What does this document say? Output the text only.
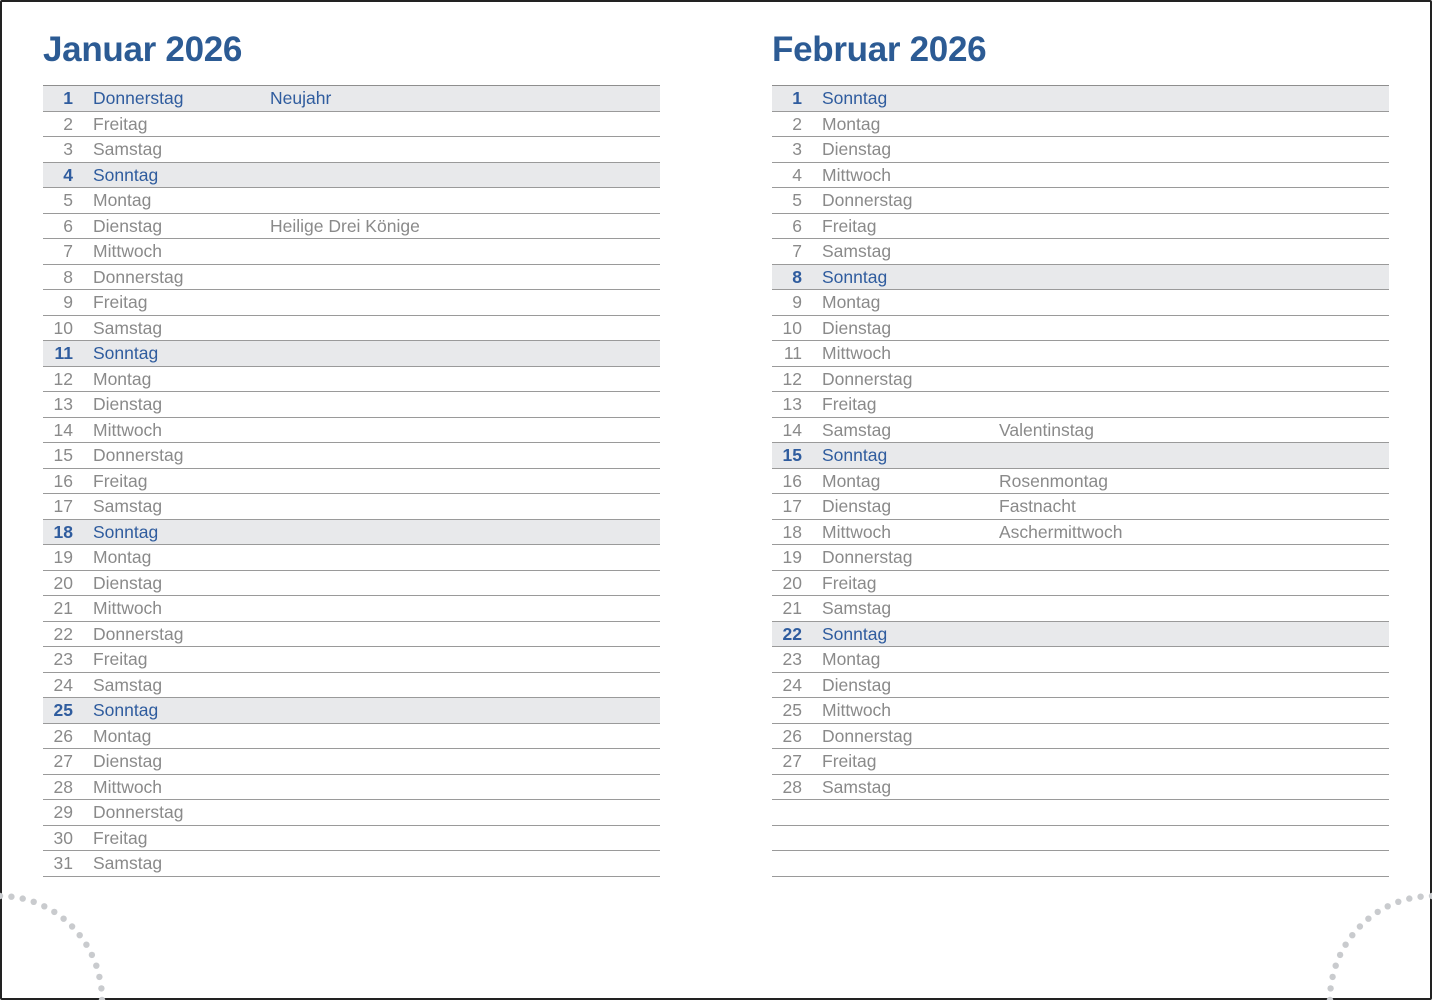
Januar 2026
1 Donnerstag	Neujahr
2 Freitag
3 Samstag
4 Sonntag
5 Montag
6 Dienstag	Heilige Drei Könige
7 Mittwoch
8 Donnerstag
9 Freitag
10 Samstag
11 Sonntag
12 Montag
13 Dienstag
14 Mittwoch
15 Donnerstag
16 Freitag
17 Samstag
18 Sonntag
19 Montag
20 Dienstag
21 Mittwoch
22 Donnerstag
23 Freitag
24 Samstag
25 Sonntag
26 Montag
27 Dienstag
28 Mittwoch
29 Donnerstag
30 Freitag
31 Samstag
Februar 2026
1 Sonntag
2 Montag
3 Dienstag
4 Mittwoch
5 Donnerstag
6 Freitag
7 Samstag
8 Sonntag
9 Montag
10 Dienstag
11 Mittwoch
12 Donnerstag
13 Freitag
14 Samstag	Valentinstag
15 Sonntag
16 Montag	Rosenmontag
17 Dienstag	Fastnacht
18 Mittwoch	Aschermittwoch
19 Donnerstag
20 Freitag
21 Samstag
22 Sonntag
23 Montag
24 Dienstag
25 Mittwoch
26 Donnerstag
27 Freitag
28 Samstag
